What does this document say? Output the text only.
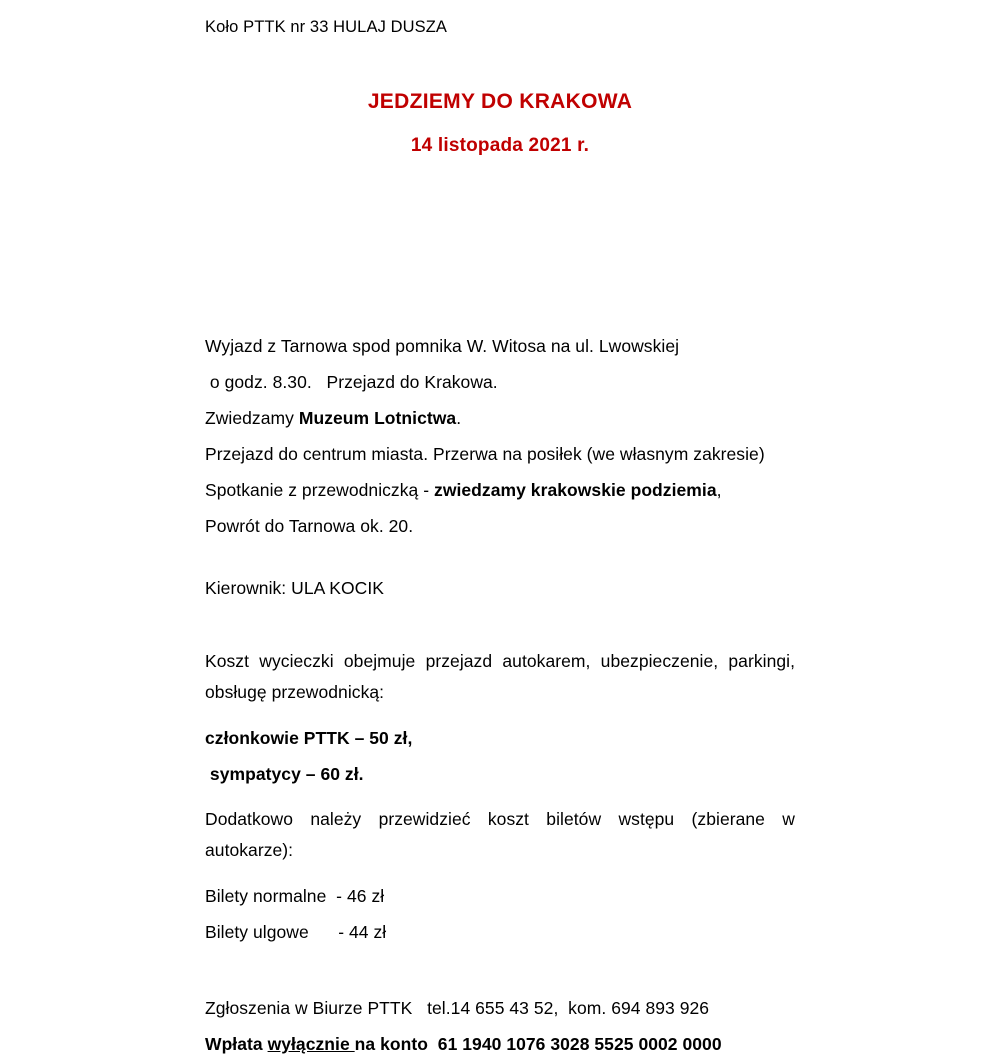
Koło PTTK nr 33 HULAJ DUSZA
JEDZIEMY DO KRAKOWA
14 listopada 2021 r.
Wyjazd z Tarnowa spod pomnika W. Witosa na ul. Lwowskiej
o godz. 8.30.   Przejazd do Krakowa.
Zwiedzamy Muzeum Lotnictwa.
Przejazd do centrum miasta. Przerwa na posiłek (we własnym zakresie)
Spotkanie z przewodniczką - zwiedzamy krakowskie podziemia,
Powrót do Tarnowa ok. 20.
Kierownik: ULA KOCIK
Koszt wycieczki obejmuje przejazd autokarem, ubezpieczenie, parkingi, obsługę przewodnicką:
członkowie PTTK – 50 zł,
sympatycy – 60 zł.
Dodatkowo należy przewidzieć koszt biletów wstępu (zbierane w autokarze):
Bilety normalne  - 46 zł
Bilety ulgowe      - 44 zł
Zgłoszenia w Biurze PTTK   tel.14 655 43 52,  kom. 694 893 926
Wpłata wyłącznie na konto  61 1940 1076 3028 5525 0002 0000
